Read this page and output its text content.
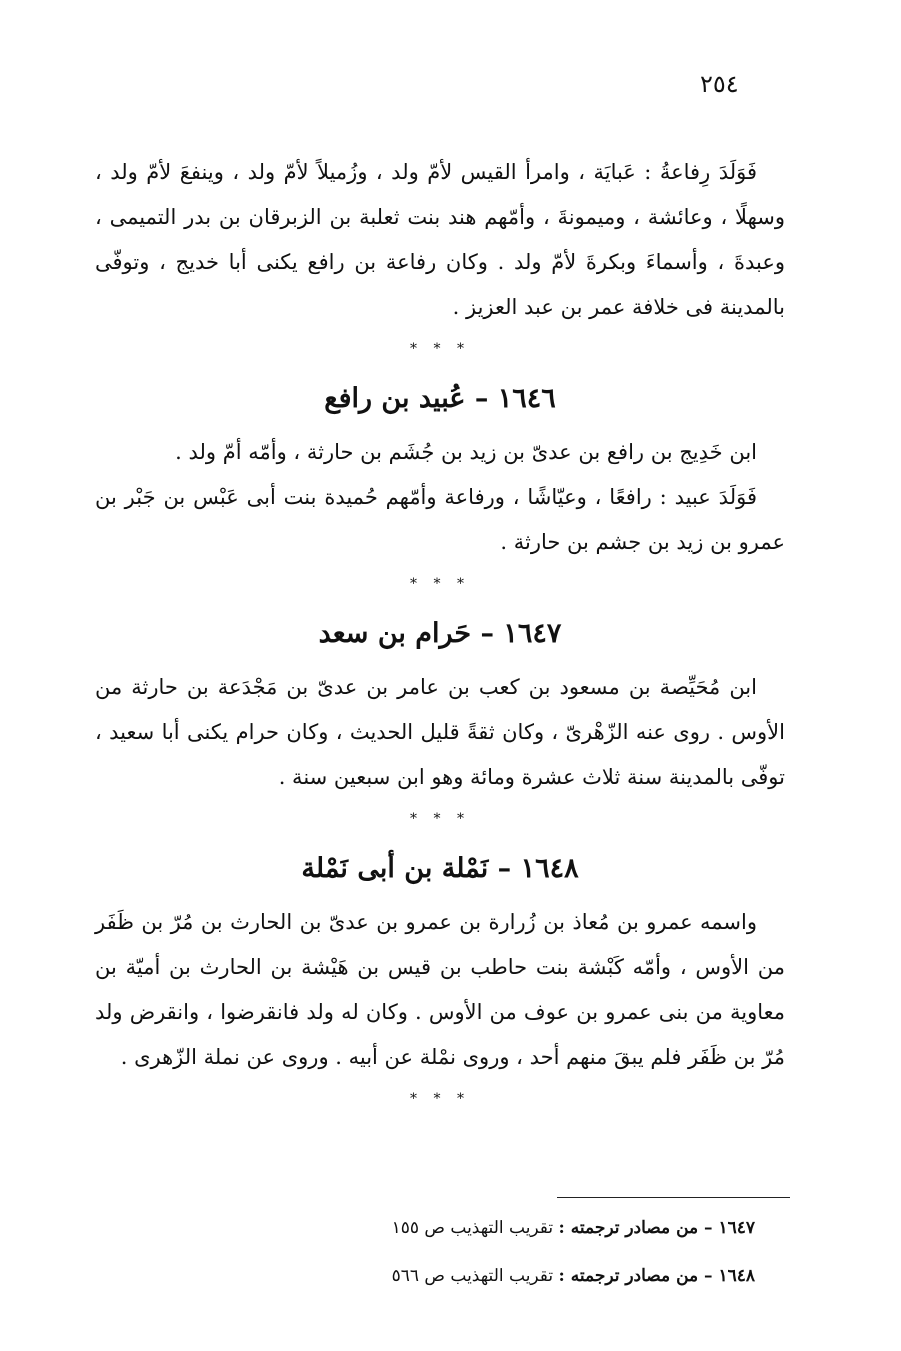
٢٥٤

فَوَلَدَ رِفاعةُ : عَبايَة ، وامرأ القيس لأمّ ولد ، وزُميلاً لأمّ ولد ، وينفعَ لأمّ ولد ، وسهلًا ، وعائشة ، وميمونةَ ، وأمّهم هند بنت ثعلبة بن الزبرقان بن بدر التميمى ، وعبدةَ ، وأسماءَ وبكرةَ لأمّ ولد . وكان رفاعة بن رافع يكنى أبا خديج ، وتوفّى بالمدينة فى خلافة عمر بن عبد العزيز .

* * *
١٦٤٦ – عُبيد بن رافع

ابن خَدِيج بن رافع بن عدىّ بن زيد بن جُشَم بن حارثة ، وأمّه أمّ ولد .

فَوَلَدَ عبيد : رافعًا ، وعيّاشًا ، ورفاعة وأمّهم حُميدة بنت أبى عَبْس بن جَبْر بن عمرو بن زيد بن جشم بن حارثة .

* * *
١٦٤٧ – حَرام بن سعد

ابن مُحَيِّصة بن مسعود بن كعب بن عامر بن عدىّ بن مَجْدَعة بن حارثة من الأوس . روى عنه الزّهْرىّ ، وكان ثقةً قليل الحديث ، وكان حرام يكنى أبا سعيد ، توفّى بالمدينة سنة ثلاث عشرة ومائة وهو ابن سبعين سنة .

* * *
١٦٤٨ – نَمْلة بن أبى نَمْلة

واسمه عمرو بن مُعاذ بن زُرارة بن عمرو بن عدىّ بن الحارث بن مُرّ بن ظَفَر من الأوس ، وأمّه كَبْشة بنت حاطب بن قيس بن هَيْشة بن الحارث بن أميّة بن معاوية من بنى عمرو بن عوف من الأوس . وكان له ولد فانقرضوا ، وانقرض ولد مُرّ بن ظَفَر فلم يبقَ منهم أحد ، وروى نمْلة عن أبيه . وروى عن نملة الزّهرى .

* * *
١٦٤٧ – من مصادر ترجمته : تقريب التهذيب ص ١٥٥
١٦٤٨ – من مصادر ترجمته : تقريب التهذيب ص ٥٦٦
